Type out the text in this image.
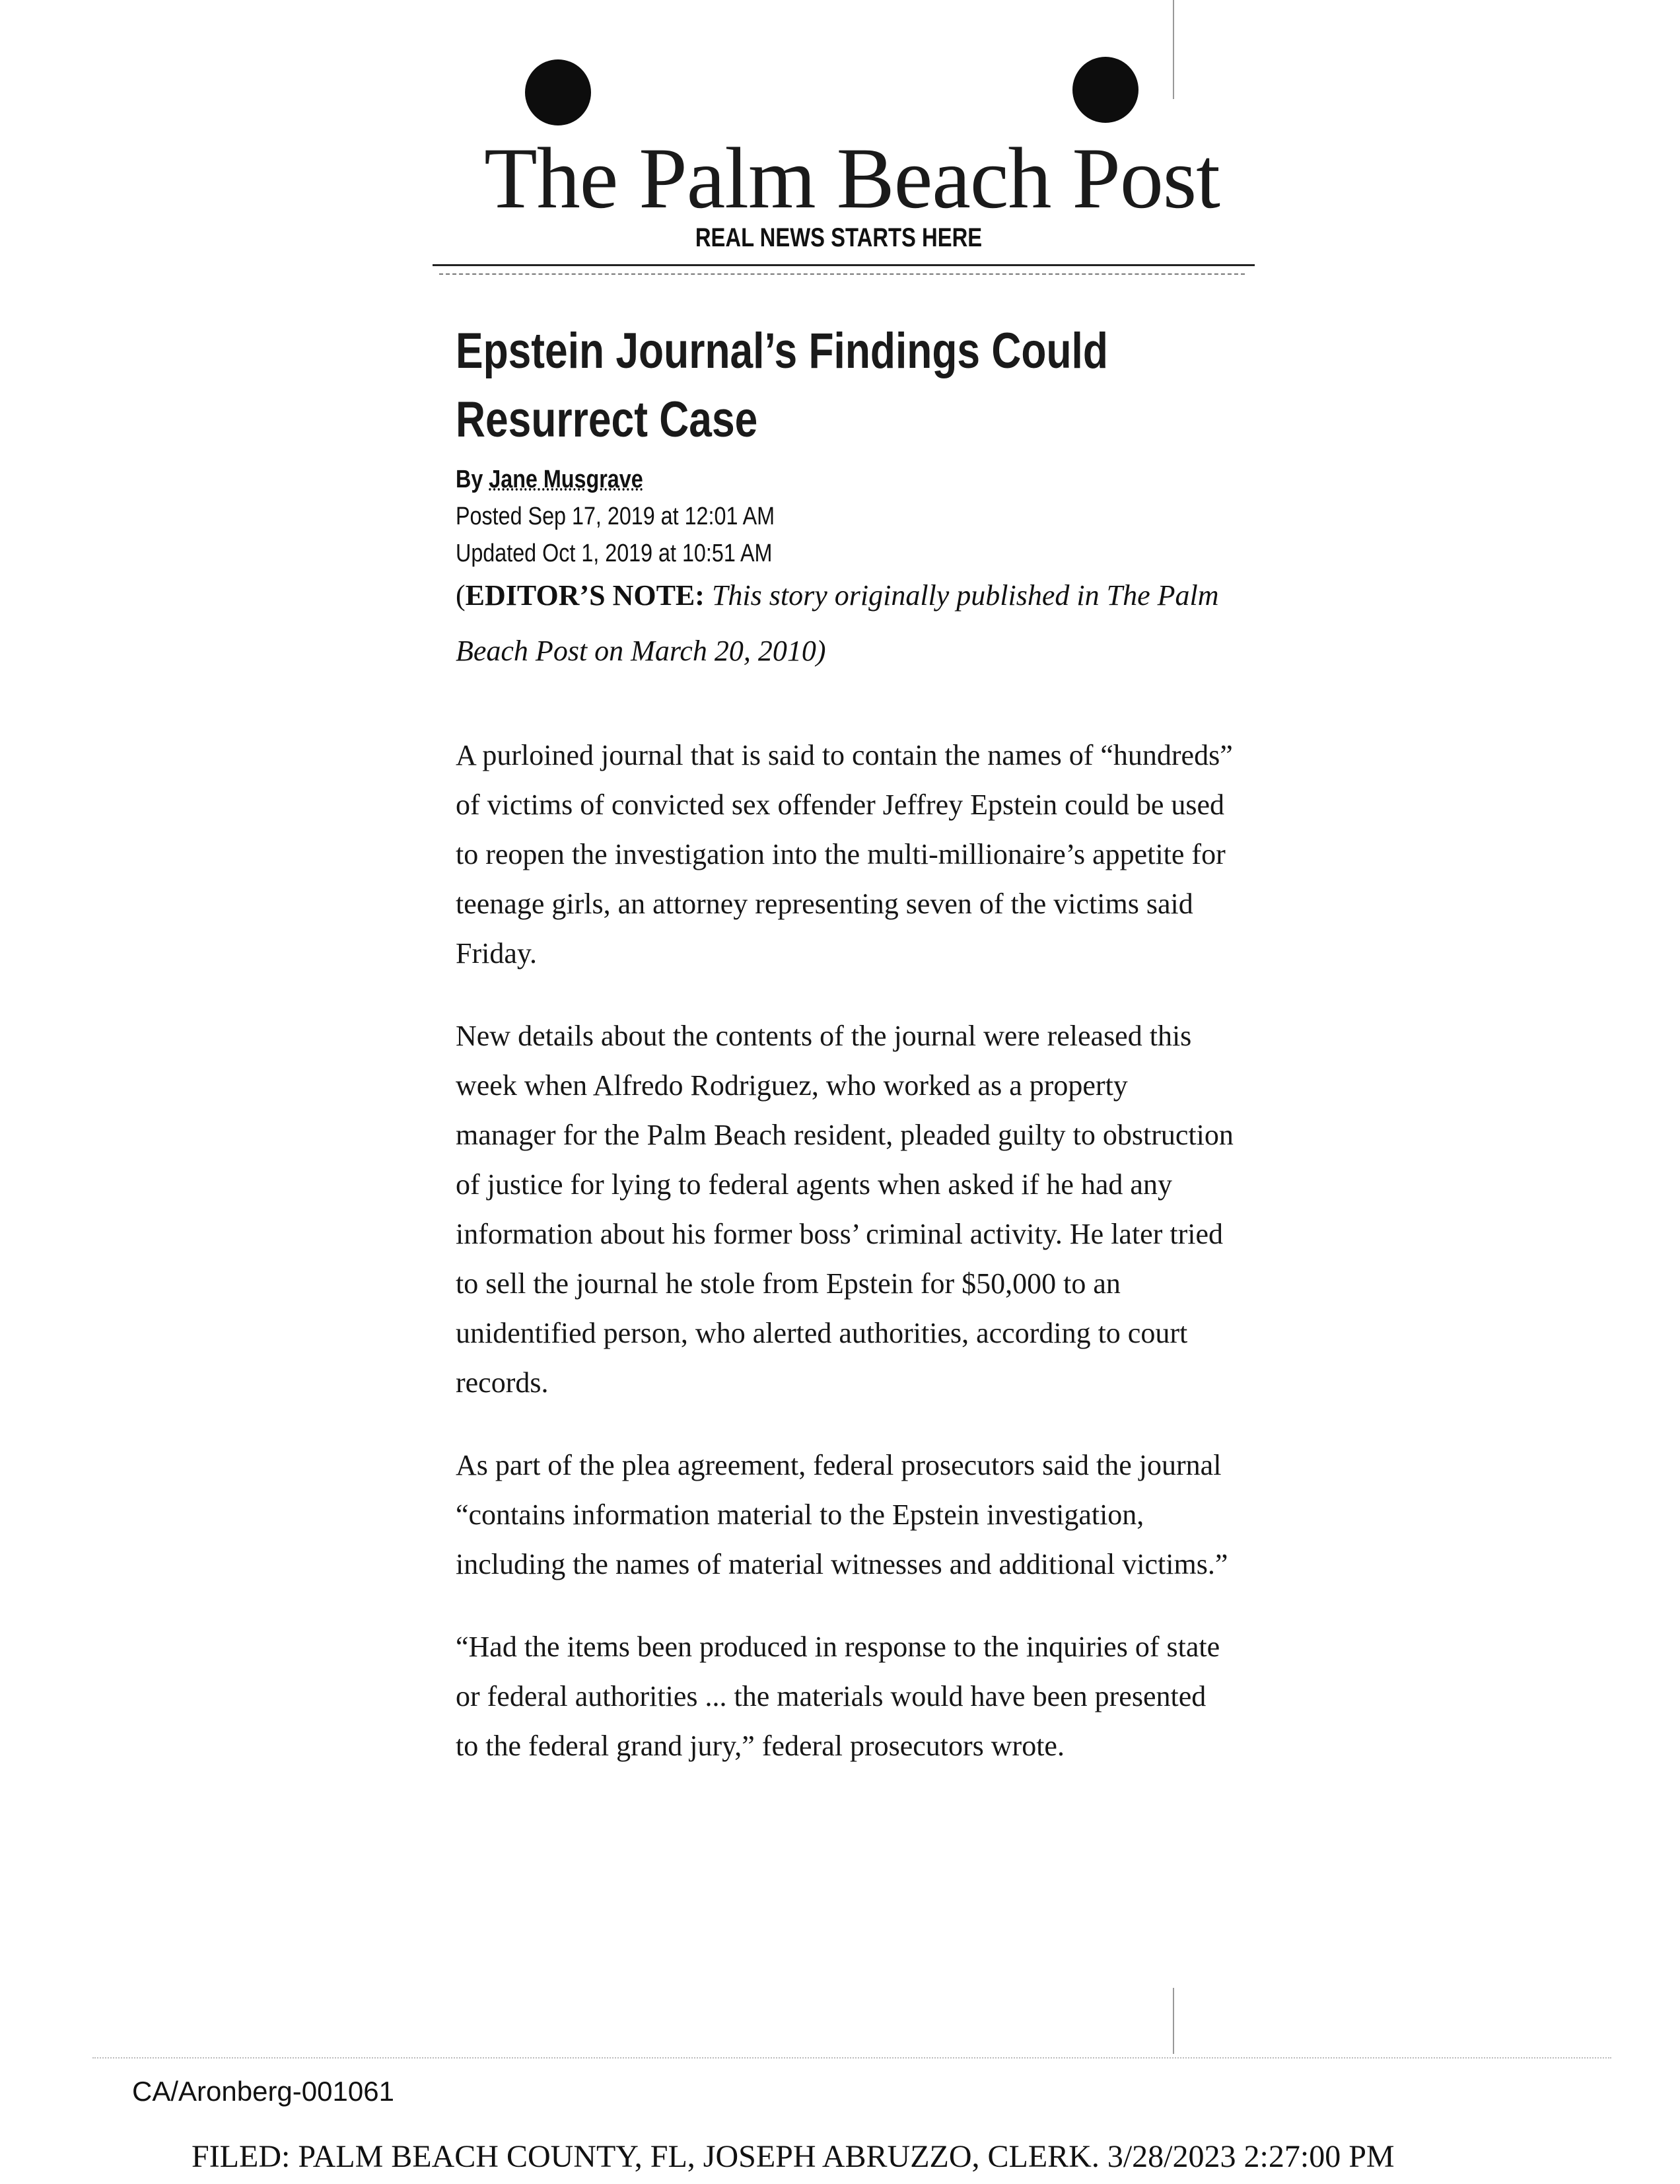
The Palm Beach Post
REAL NEWS STARTS HERE
Epstein Journal’s Findings Could Resurrect Case
By Jane Musgrave
Posted Sep 17, 2019 at 12:01 AM
Updated Oct 1, 2019 at 10:51 AM
(EDITOR’S NOTE: This story originally published in The Palm Beach Post on March 20, 2010)

A purloined journal that is said to contain the names of “hundreds” of victims of convicted sex offender Jeffrey Epstein could be used to reopen the investigation into the multi-millionaire’s appetite for teenage girls, an attorney representing seven of the victims said Friday.

New details about the contents of the journal were released this week when Alfredo Rodriguez, who worked as a property manager for the Palm Beach resident, pleaded guilty to obstruction of justice for lying to federal agents when asked if he had any information about his former boss’ criminal activity. He later tried to sell the journal he stole from Epstein for $50,000 to an unidentified person, who alerted authorities, according to court records.

As part of the plea agreement, federal prosecutors said the journal “contains information material to the Epstein investigation, including the names of material witnesses and additional victims.”

“Had the items been produced in response to the inquiries of state or federal authorities ... the materials would have been presented to the federal grand jury,” federal prosecutors wrote.

CA/Aronberg-001061
FILED: PALM BEACH COUNTY, FL, JOSEPH ABRUZZO, CLERK. 3/28/2023 2:27:00 PM
